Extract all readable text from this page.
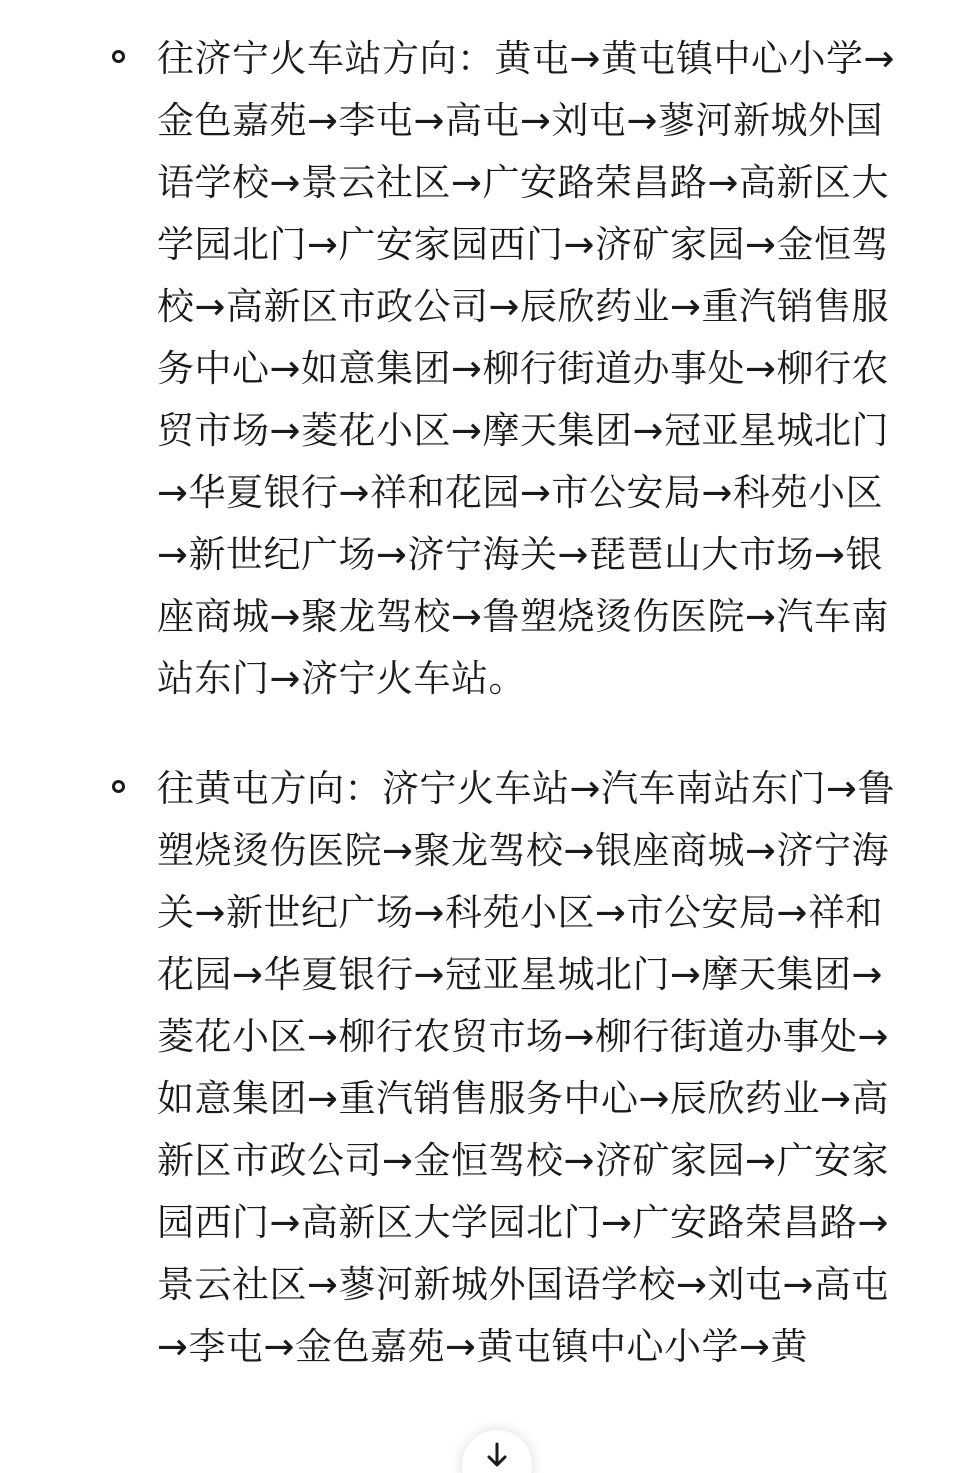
往济宁火车站方向：黄屯→黄屯镇中心小学→金色嘉苑→李屯→高屯→刘屯→蓼河新城外国语学校→景云社区→广安路荣昌路→高新区大学园北门→广安家园西门→济矿家园→金恒驾校→高新区市政公司→辰欣药业→重汽销售服务中心→如意集团→柳行街道办事处→柳行农贸市场→菱花小区→摩天集团→冠亚星城北门→华夏银行→祥和花园→市公安局→科苑小区→新世纪广场→济宁海关→琵琶山大市场→银座商城→聚龙驾校→鲁塑烧烫伤医院→汽车南站东门→济宁火车站。
往黄屯方向：济宁火车站→汽车南站东门→鲁塑烧烫伤医院→聚龙驾校→银座商城→济宁海关→新世纪广场→科苑小区→市公安局→祥和花园→华夏银行→冠亚星城北门→摩天集团→菱花小区→柳行农贸市场→柳行街道办事处→如意集团→重汽销售服务中心→辰欣药业→高新区市政公司→金恒驾校→济矿家园→广安家园西门→高新区大学园北门→广安路荣昌路→景云社区→蓼河新城外国语学校→刘屯→高屯→李屯→金色嘉苑→黄屯镇中心小学→黄
